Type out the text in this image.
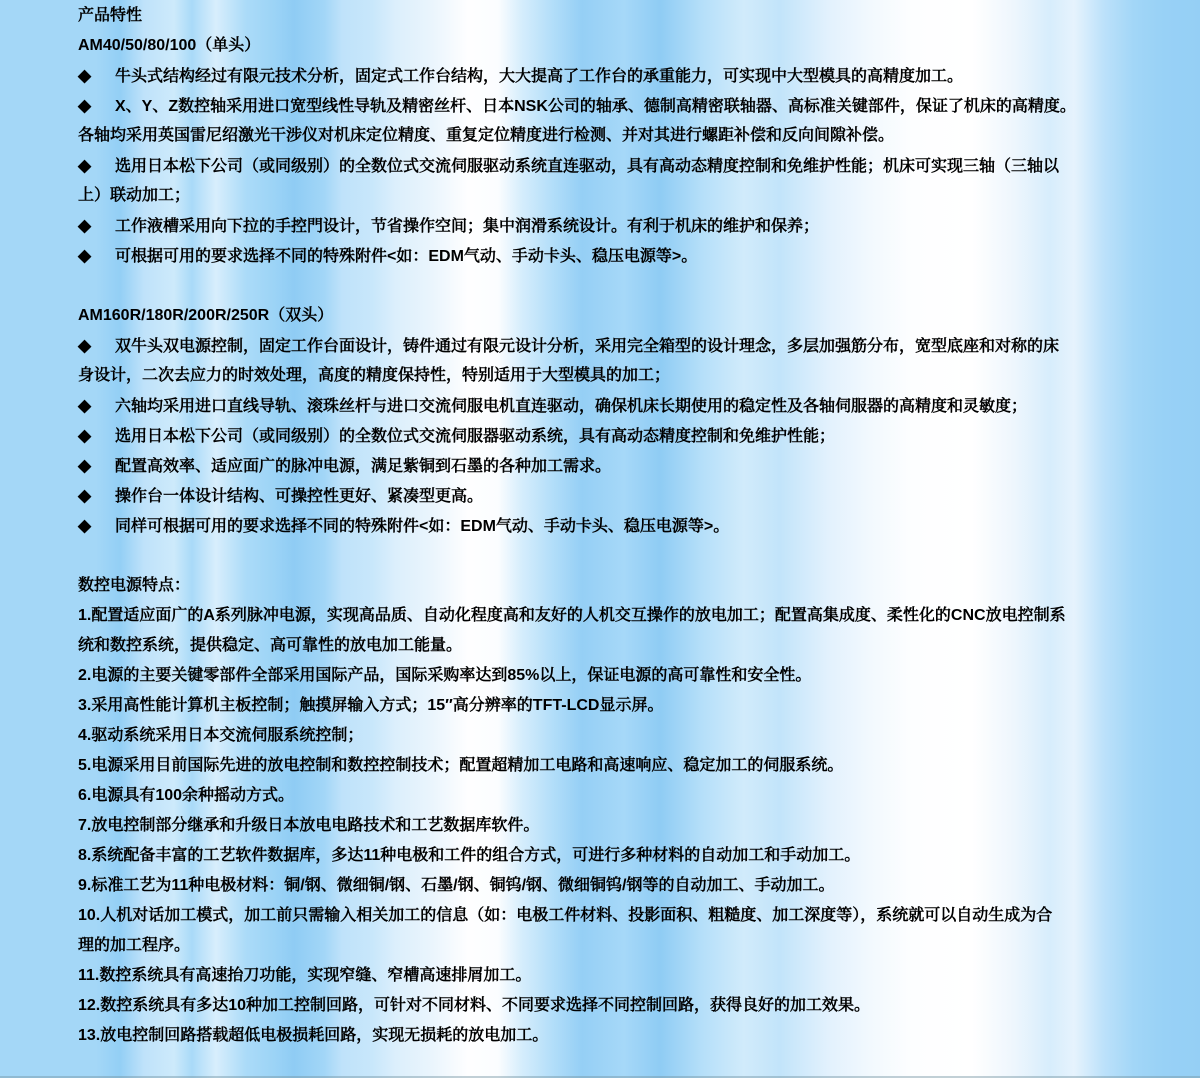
产品特性
AM40/50/80/100（单头）
◆ 牛头式结构经过有限元技术分析，固定式工作台结构，大大提高了工作台的承重能力，可实现中大型模具的高精度加工。
◆ X、Y、Z数控轴采用进口宽型线性导轨及精密丝杆、日本NSK公司的轴承、德制高精密联轴器、高标准关键部件，保证了机床的高精度。
各轴均采用英国雷尼绍激光干涉仪对机床定位精度、重复定位精度进行检测、并对其进行螺距补偿和反向间隙补偿。
◆ 选用日本松下公司（或同级别）的全数位式交流伺服驱动系统直连驱动，具有高动态精度控制和免维护性能；机床可实现三轴（三轴以
上）联动加工；
◆ 工作液槽采用向下拉的手控門设计，节省操作空间；集中润滑系统设计。有利于机床的维护和保养；
◆ 可根据可用的要求选择不同的特殊附件<如：EDM气动、手动卡头、稳压电源等>。
AM160R/180R/200R/250R（双头）
◆ 双牛头双电源控制，固定工作台面设计，铸件通过有限元设计分析，采用完全箱型的设计理念，多层加强筋分布，宽型底座和对称的床
身设计，二次去应力的时效处理，高度的精度保持性，特别适用于大型模具的加工；
◆ 六轴均采用进口直线导轨、滚珠丝杆与进口交流伺服电机直连驱动，确保机床长期使用的稳定性及各轴伺服器的高精度和灵敏度；
◆ 选用日本松下公司（或同级别）的全数位式交流伺服器驱动系统，具有高动态精度控制和免维护性能；
◆ 配置高效率、适应面广的脉冲电源，满足紫铜到石墨的各种加工需求。
◆ 操作台一体设计结构、可操控性更好、紧凑型更高。
◆ 同样可根据可用的要求选择不同的特殊附件<如：EDM气动、手动卡头、稳压电源等>。
数控电源特点：
1.配置适应面广的A系列脉冲电源，实现高品质、自动化程度高和友好的人机交互操作的放电加工；配置高集成度、柔性化的CNC放电控制系
统和数控系统，提供稳定、高可靠性的放电加工能量。
2.电源的主要关键零部件全部采用国际产品，国际采购率达到85%以上，保证电源的高可靠性和安全性。
3.采用高性能计算机主板控制；触摸屏输入方式；15″高分辨率的TFT-LCD显示屏。
4.驱动系统采用日本交流伺服系统控制；
5.电源采用目前国际先进的放电控制和数控控制技术；配置超精加工电路和高速响应、稳定加工的伺服系统。
6.电源具有100余种摇动方式。
7.放电控制部分继承和升级日本放电电路技术和工艺数据库软件。
8.系统配备丰富的工艺软件数据库，多达11种电极和工件的组合方式，可进行多种材料的自动加工和手动加工。
9.标准工艺为11种电极材料：铜/钢、微细铜/钢、石墨/钢、铜钨/钢、微细铜钨/钢等的自动加工、手动加工。
10.人机对话加工模式，加工前只需输入相关加工的信息（如：电极工件材料、投影面积、粗糙度、加工深度等），系统就可以自动生成为合
理的加工程序。
11.数控系统具有高速抬刀功能，实现窄缝、窄槽高速排屑加工。
12.数控系统具有多达10种加工控制回路，可针对不同材料、不同要求选择不同控制回路，获得良好的加工效果。
13.放电控制回路搭载超低电极损耗回路，实现无损耗的放电加工。
